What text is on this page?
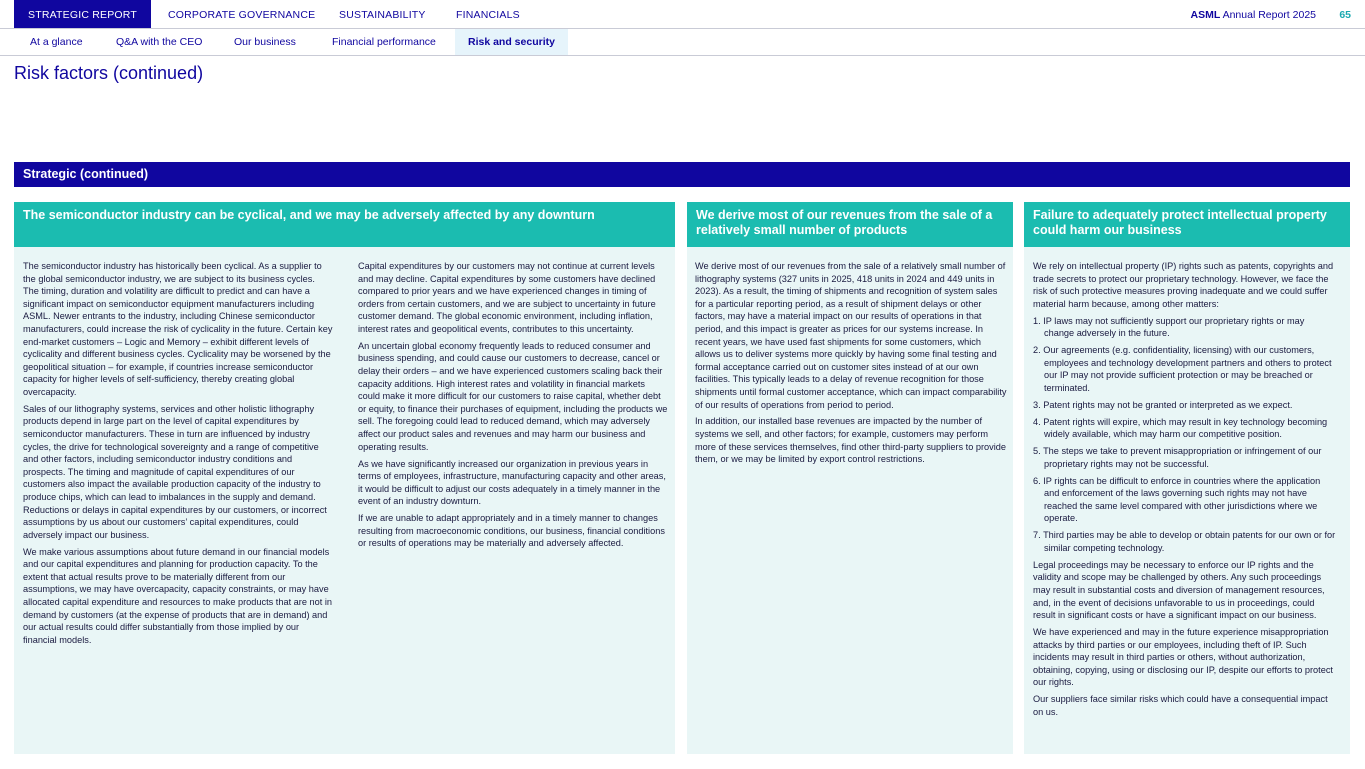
STRATEGIC REPORT	CORPORATE GOVERNANCE SUSTAINABILITY	FINANCIALS	ASML Annual Report 2025 65
At a glance	Q&A with the CEO	Our business	Financial performance	Risk and security
Risk factors (continued)
Strategic (continued)
The semiconductor industry can be cyclical, and we may be adversely affected by any downturn

The semiconductor industry has historically been cyclical. As a supplier to the global semiconductor industry, we are subject to its business cycles. The timing, duration and volatility are difficult to predict and can have a significant impact on semiconductor equipment manufacturers including ASML. Newer entrants to the industry, including Chinese semiconductor manufacturers, could increase the risk of cyclicality in the future. Certain key end-market customers – Logic and Memory – exhibit different levels of cyclicality and different business cycles. Cyclicality may be worsened by the geopolitical situation – for example, if countries increase semiconductor capacity for higher levels of self-sufficiency, thereby creating global overcapacity.

Sales of our lithography systems, services and other holistic lithography products depend in large part on the level of capital expenditures by semiconductor manufacturers. These in turn are influenced by industry cycles, the drive for technological sovereignty and a range of competitive and other factors, including semiconductor industry conditions and prospects. The timing and magnitude of capital expenditures of our customers also impact the available production capacity of the industry to produce chips, which can lead to imbalances in the supply and demand. Reductions or delays in capital expenditures by our customers, or incorrect assumptions by us about our customers’ capital expenditures, could adversely impact our business.

We make various assumptions about future demand in our financial models and our capital expenditures and planning for production capacity. To the extent that actual results prove to be materially different from our assumptions, we may have overcapacity, capacity constraints, or may have allocated capital expenditure and resources to make products that are not in demand by customers (at the expense of products that are in demand) and our actual results could differ substantially from those implied by our financial models.

Capital expenditures by our customers may not continue at current levels and may decline. Capital expenditures by some customers have declined compared to prior years and we have experienced changes in timing of orders from certain customers, and we are subject to uncertainty in future customer demand. The global economic environment, including inflation, interest rates and geopolitical events, contributes to this uncertainty.

An uncertain global economy frequently leads to reduced consumer and business spending, and could cause our customers to decrease, cancel or delay their orders – and we have experienced customers scaling back their capacity additions. High interest rates and volatility in financial markets could make it more difficult for our customers to raise capital, whether debt or equity, to finance their purchases of equipment, including the products we sell. The foregoing could lead to reduced demand, which may adversely affect our product sales and revenues and may harm our business and operating results.

As we have significantly increased our organization in previous years in terms of employees, infrastructure, manufacturing capacity and other areas, it would be difficult to adjust our costs adequately in a timely manner in the event of an industry downturn.

If we are unable to adapt appropriately and in a timely manner to changes resulting from macroeconomic conditions, our business, financial conditions or results of operations may be materially and adversely affected.

We derive most of our revenues from the sale of a relatively small number of products

We derive most of our revenues from the sale of a relatively small number of lithography systems (327 units in 2025, 418 units in 2024 and 449 units in 2023). As a result, the timing of shipments and recognition of system sales for a particular reporting period, as a result of shipment delays or other factors, may have a material impact on our results of operations in that period, and this impact is greater as prices for our systems increase. In recent years, we have used fast shipments for some customers, which allows us to deliver systems more quickly by having some final testing and formal acceptance carried out on customer sites instead of at our own facilities. This typically leads to a delay of revenue recognition for those shipments until formal customer acceptance, which can impact comparability of our results of operations from period to period.

In addition, our installed base revenues are impacted by the number of systems we sell, and other factors; for example, customers may perform more of these services themselves, find other third-party suppliers to provide them, or we may be limited by export control restrictions.

Failure to adequately protect intellectual property could harm our business

We rely on intellectual property (IP) rights such as patents, copyrights and trade secrets to protect our proprietary technology. However, we face the risk of such protective measures proving inadequate and we could suffer material harm because, among other matters:

1. IP laws may not sufficiently support our proprietary rights or may change adversely in the future.
2. Our agreements (e.g. confidentiality, licensing) with our customers, employees and technology development partners and others to protect our IP may not provide sufficient protection or may be breached or terminated.
3. Patent rights may not be granted or interpreted as we expect.
4. Patent rights will expire, which may result in key technology becoming widely available, which may harm our competitive position.
5. The steps we take to prevent misappropriation or infringement of our proprietary rights may not be successful.
6. IP rights can be difficult to enforce in countries where the application and enforcement of the laws governing such rights may not have reached the same level compared with other jurisdictions where we operate.
7. Third parties may be able to develop or obtain patents for our own or for similar competing technology.

Legal proceedings may be necessary to enforce our IP rights and the validity and scope may be challenged by others. Any such proceedings may result in substantial costs and diversion of management resources, and, in the event of decisions unfavorable to us in proceedings, could result in significant costs or have a significant impact on our business.

We have experienced and may in the future experience misappropriation attacks by third parties or our employees, including theft of IP. Such incidents may result in third parties or others, without authorization, obtaining, copying, using or disclosing our IP, despite our efforts to protect our rights.

Our suppliers face similar risks which could have a consequential impact on us.
